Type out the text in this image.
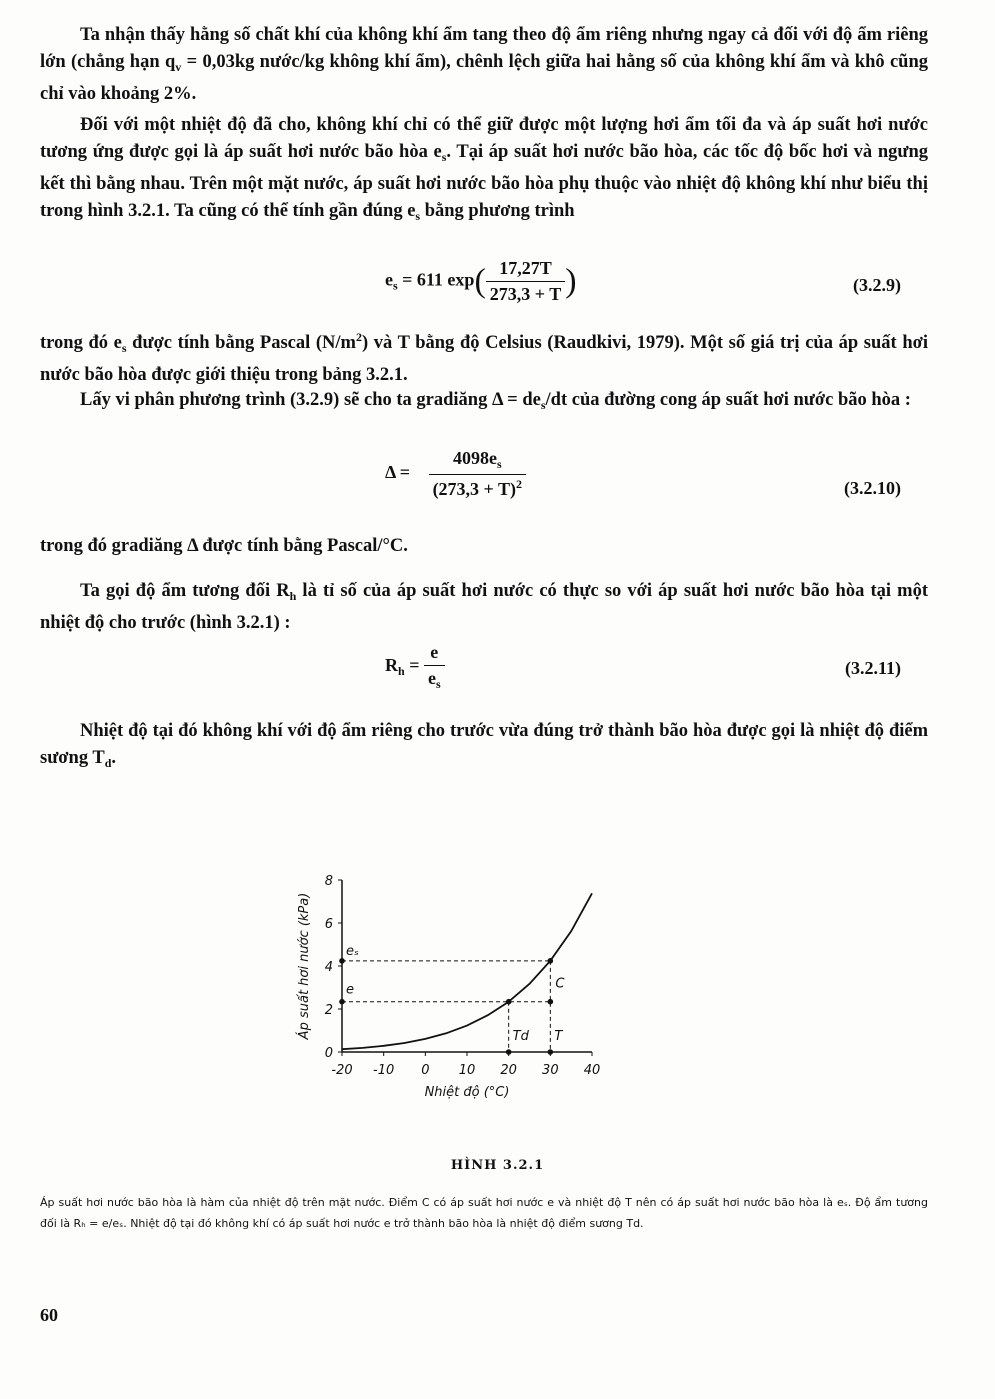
Ta nhận thấy hằng số chất khí của không khí ẩm tang theo độ ẩm riêng nhưng ngay cả đối với độ ẩm riêng lớn (chẳng hạn $q_v = 0,03kg$ nước/kg không khí ẩm), chênh lệch giữa hai hằng số của không khí ẩm và khô cũng chỉ vào khoảng 2%.

Đối với một nhiệt độ đã cho, không khí chỉ có thể giữ được một lượng hơi ẩm tối đa và áp suất hơi nước tương ứng được gọi là áp suất hơi nước bão hòa $e_s$. Tại áp suất hơi nước bão hòa, các tốc độ bốc hơi và ngưng kết thì bằng nhau. Trên một mặt nước, áp suất hơi nước bão hòa phụ thuộc vào nhiệt độ không khí như biểu thị trong hình 3.2.1. Ta cũng có thể tính gần đúng $e_s$ bằng phương trình

$e_s = 611$ $\exp( \frac{17,27T}{273,3 + T}$ )	(3.2.9)

trong đó $e_s$ được tính bằng Pascal $(N/m^2)$ và T bằng độ Celsius (Raudkivi, 1979). Một số giá trị của áp suất hơi nước bão hòa được giới thiệu trong bảng 3.2.1.

Lấy vi phân phương trình (3.2.9) sẽ cho ta gradiăng $\Delta = de_s/dt$ của đường cong áp suất hơi nước bão hòa :

$\Delta = \frac{4098e_s}{(273,3 + T)^2}$	(3.2.10)

trong đó gradiăng Δ được tính bằng Pascal/°C.

Ta gọi độ ẩm tương đối $R_h$ là tỉ số của áp suất hơi nước có thực so với áp suất hơi nước bão hòa tại một nhiệt độ cho trước (hình 3.2.1) :

$R_h = \frac{e}{e_s}$	(3.2.11)

Nhiệt độ tại đó không khí với độ ẩm riêng cho trước vừa đúng trở thành bão hòa được gọi là nhiệt độ điểm sương $T_d$.

-20 -10 0 10 20 30 40
0
2
4
6
8
Nhiệt độ (°C)
Áp suất hơi nước (kPa)	eₛ
e	C
Td T
HÌNH 3.2.1
Áp suất hơi nước bão hòa là hàm của nhiệt độ trên mặt nước. Điểm C có áp suất hơi nước e và nhiệt độ T nên có áp suất hơi nước bão hòa là eₛ. Độ ẩm tương đối là Rₕ = e/eₛ. Nhiệt độ tại đó không khí có áp suất hơi nước e trở thành bão hòa là nhiệt độ điểm sương Td.
60
